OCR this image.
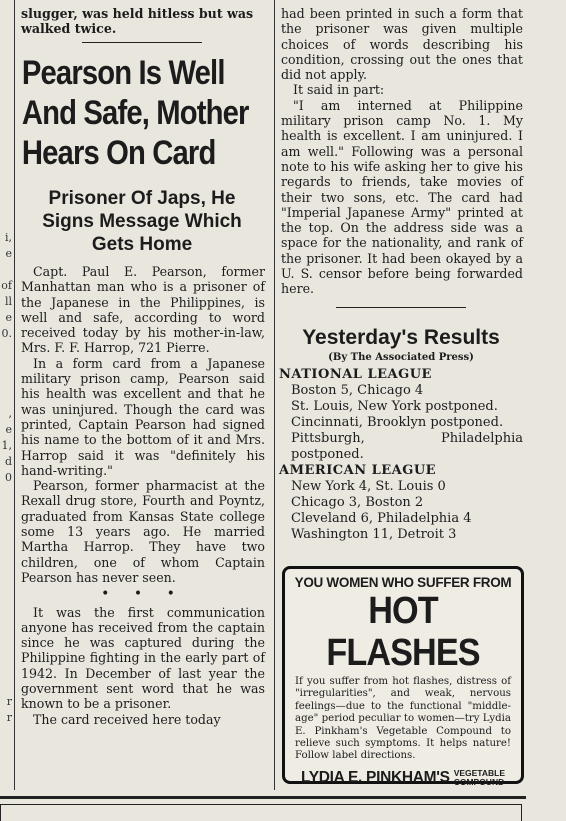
i,
e

of
ll
e
0.

,
e
1,
d
0

r
r
slugger, was held hitless but was walked twice.
Pearson Is Well And Safe, Mother Hears On Card
Prisoner Of Japs, He Signs Message Which Gets Home

Capt. Paul E. Pearson, former Manhattan man who is a prisoner of the Japanese in the Philippines, is well and safe, according to word received today by his mother-in-law, Mrs. F. F. Harrop, 721 Pierre.

In a form card from a Japanese military prison camp, Pearson said his health was excellent and that he was uninjured. Though the card was printed, Captain Pearson had signed his name to the bottom of it and Mrs. Harrop said it was "definitely his hand-writing."

Pearson, former pharmacist at the Rexall drug store, Fourth and Poyntz, graduated from Kansas State college some 13 years ago. He married Martha Harrop. They have two children, one of whom Captain Pearson has never seen.

• • •

It was the first communication anyone has received from the captain since he was captured during the Philippine fighting in the early part of 1942. In December of last year the government sent word that he was known to be a prisoner.

The card received here today

had been printed in such a form that the prisoner was given multiple choices of words describing his condition, crossing out the ones that did not apply.

It said in part:

"I am interned at Philippine military prison camp No. 1. My health is excellent. I am uninjured. I am well." Following was a personal note to his wife asking her to give his regards to friends, take movies of their two sons, etc. The card had "Imperial Japanese Army" printed at the top. On the address side was a space for the nationality, and rank of the prisoner. It had been okayed by a U. S. censor before being forwarded here.

Yesterday's Results
(By The Associated Press)
NATIONAL LEAGUE
Boston 5, Chicago 4
St. Louis, New York postponed.
Cincinnati, Brooklyn postponed.
Pittsburgh, Philadelphia postponed.
AMERICAN LEAGUE
New York 4, St. Louis 0
Chicago 3, Boston 2
Cleveland 6, Philadelphia 4
Washington 11, Detroit 3
YOU WOMEN WHO SUFFER FROM
HOT FLASHES
If you suffer from hot flashes, distress of "irregularities", and weak, nervous feelings—due to the functional "middle-age" period peculiar to women—try Lydia E. Pinkham's Vegetable Compound to relieve such symptoms. It helps nature! Follow label directions.
LYDIA E. PINKHAM'S VEGETABLE
COMPOUND
